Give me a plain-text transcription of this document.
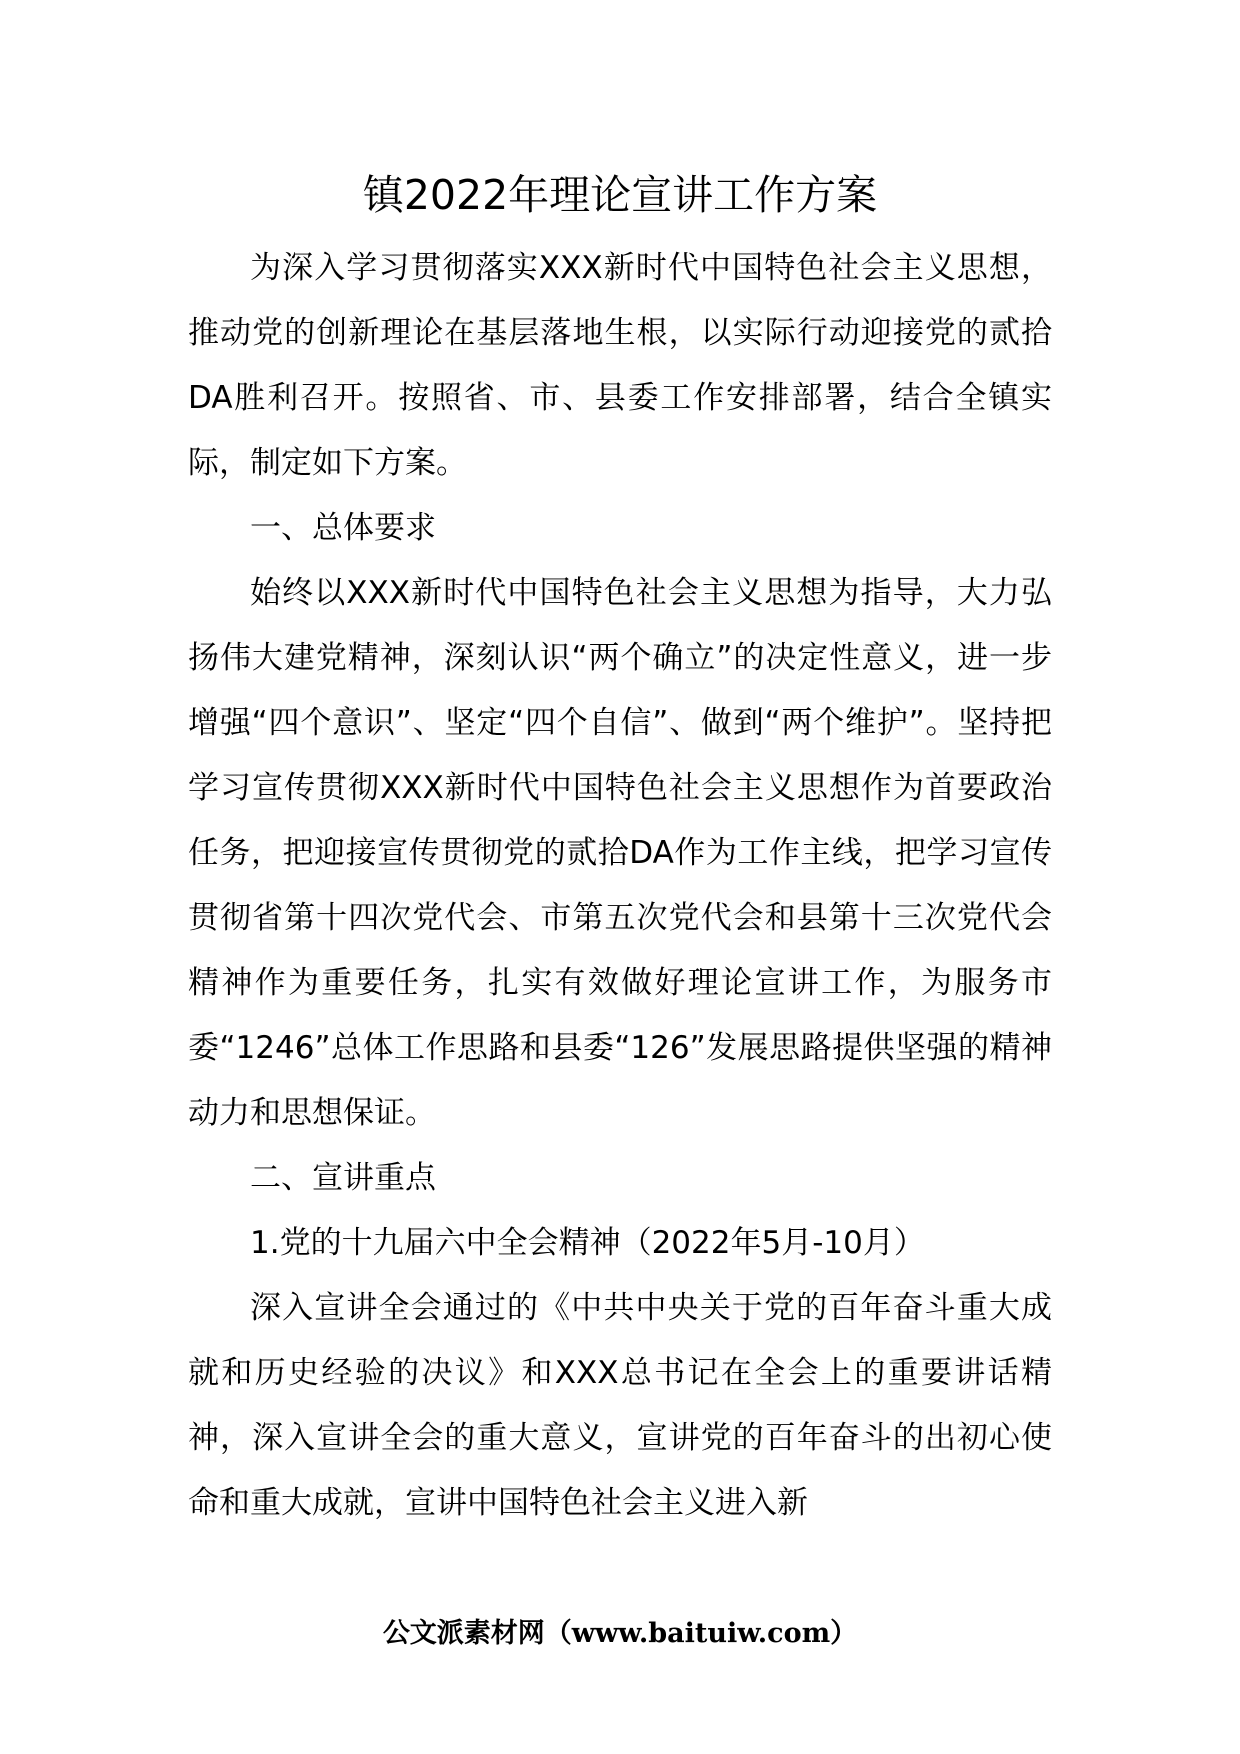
镇2022年理论宣讲工作方案

为深入学习贯彻落实XXX新时代中国特色社会主义思想，推动党的创新理论在基层落地生根，以实际行动迎接党的贰拾DA胜利召开。按照省、市、县委工作安排部署，结合全镇实际，制定如下方案。

一、总体要求

始终以XXX新时代中国特色社会主义思想为指导，大力弘扬伟大建党精神，深刻认识“两个确立”的决定性意义，进一步增强“四个意识”、坚定“四个自信”、做到“两个维护”。坚持把学习宣传贯彻XXX新时代中国特色社会主义思想作为首要政治任务，把迎接宣传贯彻党的贰拾DA作为工作主线，把学习宣传贯彻省第十四次党代会、市第五次党代会和县第十三次党代会精神作为重要任务，扎实有效做好理论宣讲工作，为服务市委“1246”总体工作思路和县委“126”发展思路提供坚强的精神动力和思想保证。

二、宣讲重点

1.党的十九届六中全会精神（2022年5月-10月）

深入宣讲全会通过的《中共中央关于党的百年奋斗重大成就和历史经验的决议》和XXX总书记在全会上的重要讲话精神，深入宣讲全会的重大意义，宣讲党的百年奋斗的出初心使命和重大成就，宣讲中国特色社会主义进入新

公文派素材网（www.baituiw.com）
